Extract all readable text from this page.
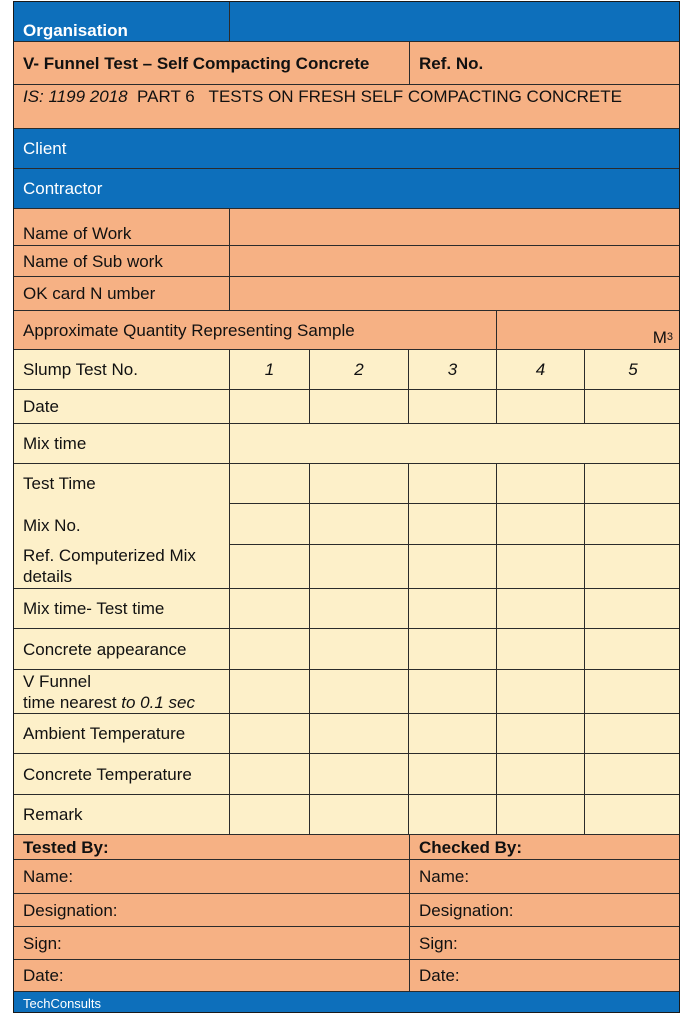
Organisation
V- Funnel Test – Self Compacting Concrete	Ref. No.
IS: 1199 2018  PART 6   TESTS ON FRESH SELF COMPACTING CONCRETE
Client
Contractor
Name of Work
Name of Sub work
OK card N umber
Approximate Quantity Representing Sample	M 3
Slump Test No.	1	2	3	4	5
Date
Mix time
Test Time
Mix No.
Ref. Computerized Mix details
Mix time- Test time
Concrete appearance
V Funnel
time nearest to 0.1 sec
Ambient Temperature
Concrete Temperature
Remark
Tested By:	Checked By:
Name:	Name:
Designation:	Designation:
Sign:	Sign:
Date:	Date:
TechConsults
